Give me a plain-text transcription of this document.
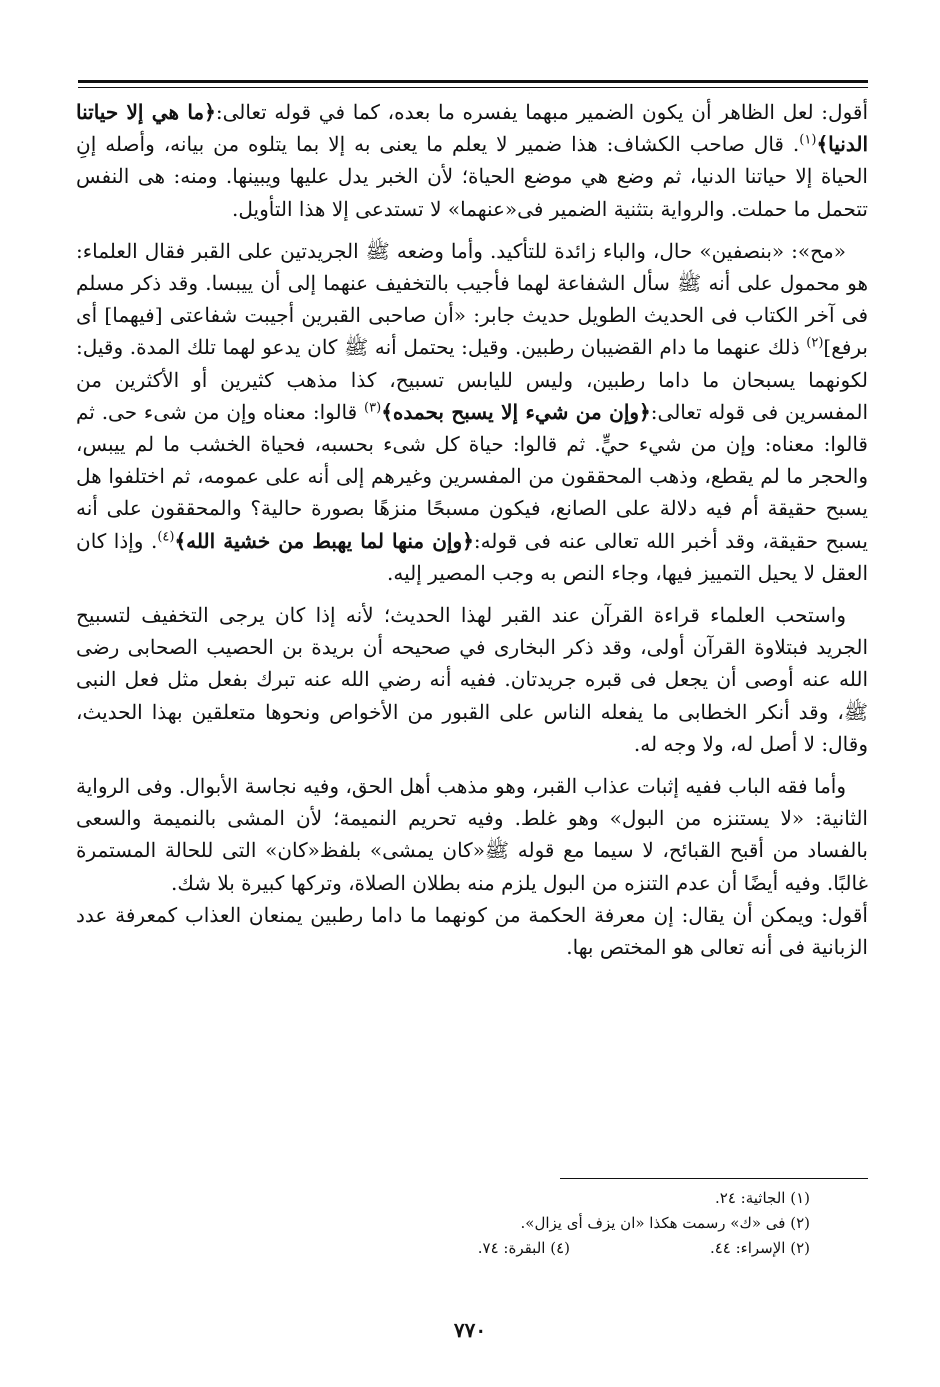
أقول: لعل الظاهر أن يكون الضمير مبهما يفسره ما بعده، كما في قوله تعالى:﴿ما هي إلا حياتنا الدنيا﴾$^{(١)}$. قال صاحب الكشاف: هذا ضمير لا يعلم ما يعنى به إلا بما يتلوه من بيانه، وأصله إنِ الحياة إلا حياتنا الدنيا، ثم وضع هي موضع الحياة؛ لأن الخبر يدل عليها ويبينها. ومنه: هى النفس تتحمل ما حملت. والرواية بتثنية الضمير فى«عنهما» لا تستدعى إلا هذا التأويل.

«مح»: «بنصفين» حال، والباء زائدة للتأكيد. وأما وضعه ﷺ الجريدتين على القبر فقال العلماء: هو محمول على أنه ﷺ سأل الشفاعة لهما فأجيب بالتخفيف عنهما إلى أن ييبسا. وقد ذكر مسلم فى آخر الكتاب فى الحديث الطويل حديث جابر: «أن صاحبى القبرين أجيبت شفاعتى [فيهما] أى برفع]$^{(٢)}$ ذلك عنهما ما دام القضيبان رطبين. وقيل: يحتمل أنه ﷺ كان يدعو لهما تلك المدة. وقيل: لكونهما يسبحان ما داما رطبين، وليس لليابس تسبيح، كذا مذهب كثيرين أو الأكثرين من المفسرين فى قوله تعالى:﴿وإن من شيء إلا يسبح بحمده﴾$^{(٣)}$ قالوا: معناه وإن من شىء حى. ثم قالوا: معناه: وإن من شيء حيٍّ. ثم قالوا: حياة كل شىء بحسبه، فحياة الخشب ما لم ييبس، والحجر ما لم يقطع، وذهب المحققون من المفسرين وغيرهم إلى أنه على عمومه، ثم اختلفوا هل يسبح حقيقة أم فيه دلالة على الصانع، فيكون مسبحًا منزهًا بصورة حالية؟ والمحققون على أنه يسبح حقيقة، وقد أخبر الله تعالى عنه فى قوله:﴿وإن منها لما يهبط من خشية الله﴾$^{(٤)}$. وإذا كان العقل لا يحيل التمييز فيها، وجاء النص به وجب المصير إليه.

واستحب العلماء قراءة القرآن عند القبر لهذا الحديث؛ لأنه إذا كان يرجى التخفيف لتسبيح الجريد فبتلاوة القرآن أولى، وقد ذكر البخارى في صحيحه أن بريدة بن الحصيب الصحابى رضى الله عنه أوصى أن يجعل فى قبره جريدتان. ففيه أنه رضي الله عنه تبرك بفعل مثل فعل النبى ﷺ، وقد أنكر الخطابى ما يفعله الناس على القبور من الأخواص ونحوها متعلقين بهذا الحديث، وقال: لا أصل له، ولا وجه له.

وأما فقه الباب ففيه إثبات عذاب القبر، وهو مذهب أهل الحق، وفيه نجاسة الأبوال. وفى الرواية الثانية: «لا يستنزه من البول» وهو غلط. وفيه تحريم النميمة؛ لأن المشى بالنميمة والسعى بالفساد من أقبح القبائح، لا سيما مع قوله ﷺ«كان يمشى» بلفظ«كان» التى للحالة المستمرة غالبًا. وفيه أيضًا أن عدم التنزه من البول يلزم منه بطلان الصلاة، وتركها كبيرة بلا شك.
أقول: ويمكن أن يقال: إن معرفة الحكمة من كونهما ما داما رطبين يمنعان العذاب كمعرفة عدد الزبانية فى أنه تعالى هو المختص بها.

(١) الجاثية: ٢٤.
(٢) فى «ك» رسمت هكذا «ان يزف أى يزال».
(٢) الإسراء: ٤٤.
(٤) البقرة: ٧٤.
٧٧٠
